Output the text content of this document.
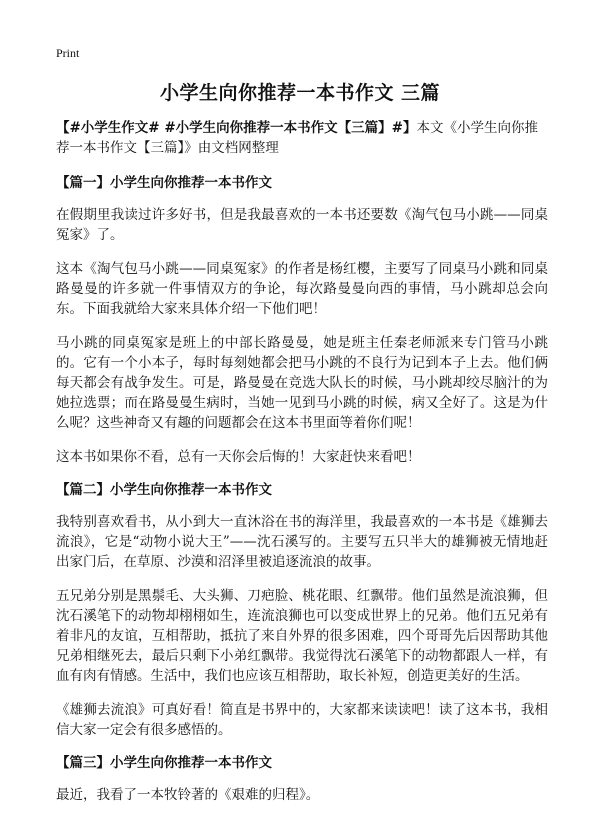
Print
小学生向你推荐一本书作文 三篇

【#小学生作文# #小学生向你推荐一本书作文【三篇】#】本文《小学生向你推荐一本书作文【三篇】》由文档网整理

【篇一】小学生向你推荐一本书作文

在假期里我读过许多好书，但是我最喜欢的一本书还要数《淘气包马小跳——同桌冤家》了。

这本《淘气包马小跳——同桌冤家》的作者是杨红樱，主要写了同桌马小跳和同桌路曼曼的许多就一件事情双方的争论，每次路曼曼向西的事情，马小跳却总会向东。下面我就给大家来具体介绍一下他们吧！

马小跳的同桌冤家是班上的中部长路曼曼，她是班主任秦老师派来专门管马小跳的。它有一个小本子，每时每刻她都会把马小跳的不良行为记到本子上去。他们俩每天都会有战争发生。可是，路曼曼在竞选大队长的时候，马小跳却绞尽脑汁的为她拉选票；而在路曼曼生病时，当她一见到马小跳的时候，病又全好了。这是为什么呢？这些神奇又有趣的问题都会在这本书里面等着你们呢！

这本书如果你不看，总有一天你会后悔的！大家赶快来看吧！

【篇二】小学生向你推荐一本书作文

我特别喜欢看书，从小到大一直沐浴在书的海洋里，我最喜欢的一本书是《雄狮去流浪》，它是“动物小说大王”——沈石溪写的。主要写五只半大的雄狮被无情地赶出家门后，在草原、沙漠和沼泽里被追逐流浪的故事。

五兄弟分别是黑鬃毛、大头狮、刀疤脸、桃花眼、红飘带。他们虽然是流浪狮，但沈石溪笔下的动物却栩栩如生，连流浪狮也可以变成世界上的兄弟。他们五兄弟有着非凡的友谊，互相帮助，抵抗了来自外界的很多困难，四个哥哥先后因帮助其他兄弟相继死去，最后只剩下小弟红飘带。我觉得沈石溪笔下的动物都跟人一样，有血有肉有情感。生活中，我们也应该互相帮助，取长补短，创造更美好的生活。

《雄狮去流浪》可真好看！简直是书界中的，大家都来读读吧！读了这本书，我相信大家一定会有很多感悟的。

【篇三】小学生向你推荐一本书作文

最近，我看了一本牧铃著的《艰难的归程》。
